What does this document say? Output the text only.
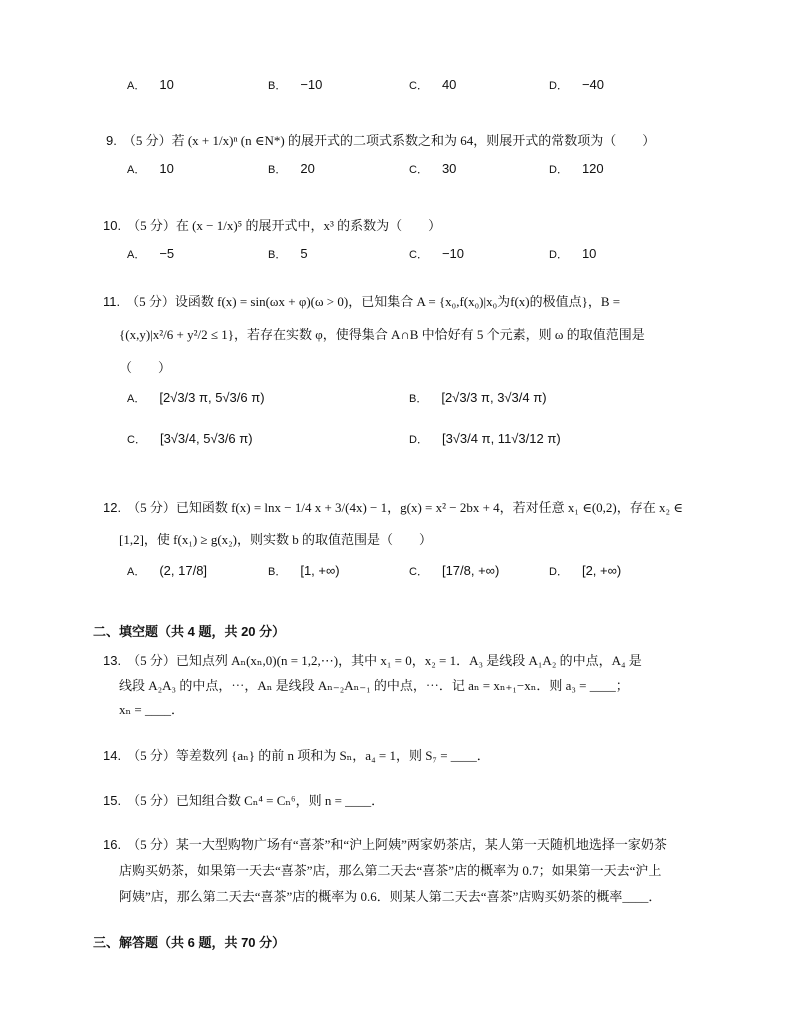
A． 10	B． −10	C． 40	D． −40
9. （5 分）若 (x + 1/x)ⁿ (n ∈N*) 的展开式的二项式系数之和为 64，则展开式的常数项为（　　）
A． 10	B． 20	C． 30	D． 120
10. （5 分）在 (x − 1/x)⁵ 的展开式中，x³ 的系数为（　　）
A． −5	B． 5	C． −10	D． 10
11. （5 分）设函数 f(x) = sin(ωx + φ)(ω > 0)，已知集合 A = {x₀,f(x₀)|x₀为f(x)的极值点}，B =
{(x,y)|x²/6 + y²/2 ≤ 1}，若存在实数 φ，使得集合 A∩B 中恰好有 5 个元素，则 ω 的取值范围是
（　　）
A． [2√3/3 π, 5√3/6 π)	B． [2√3/3 π, 3√3/4 π)
C． [3√3/4, 5√3/6 π)	D． [3√3/4 π, 11√3/12 π)
12. （5 分）已知函数 f(x) = lnx − 1/4 x + 3/(4x) − 1，g(x) = x² − 2bx + 4，若对任意 x₁ ∈(0,2)，存在 x₂ ∈
[1,2]，使 f(x₁) ≥ g(x₂)，则实数 b 的取值范围是（　　）
A． (2, 17/8]	B． [1, +∞)	C． [17/8, +∞)	D． [2, +∞)
二、填空题（共 4 题，共 20 分）
13. （5 分）已知点列 Aₙ(xₙ,0)(n = 1,2,⋯)，其中 x₁ = 0，x₂ = 1．A₃ 是线段 A₁A₂ 的中点，A₄ 是
线段 A₂A₃ 的中点，⋯，Aₙ 是线段 Aₙ₋₂Aₙ₋₁ 的中点，⋯．记 aₙ = xₙ₊₁−xₙ．则 a₃ = ____；
xₙ = ____．
14. （5 分）等差数列 {aₙ} 的前 n 项和为 Sₙ，a₄ = 1，则 S₇ = ____．
15. （5 分）已知组合数 Cₙ⁴ = Cₙ⁶，则 n = ____．
16. （5 分）某一大型购物广场有“喜茶”和“沪上阿姨”两家奶茶店，某人第一天随机地选择一家奶茶
店购买奶茶，如果第一天去“喜茶”店，那么第二天去“喜茶”店的概率为 0.7；如果第一天去“沪上
阿姨”店，那么第二天去“喜茶”店的概率为 0.6．则某人第二天去“喜茶”店购买奶茶的概率____．
三、解答题（共 6 题，共 70 分）
